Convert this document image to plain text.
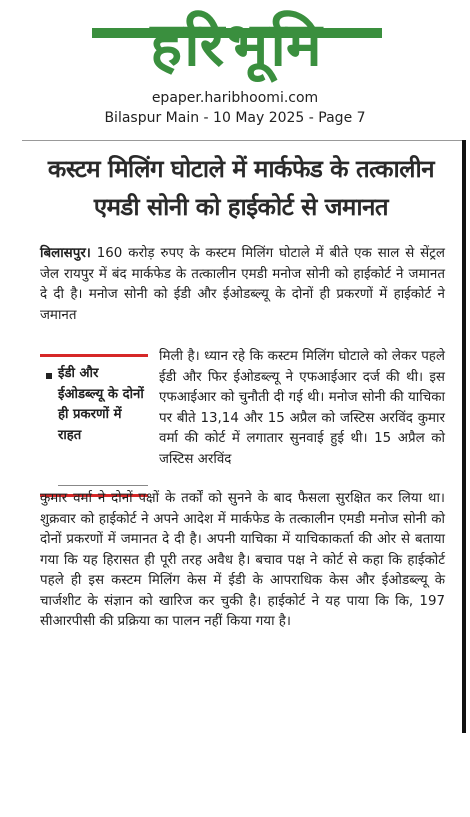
हरिभूमि
epaper.haribhoomi.com
Bilaspur Main - 10 May 2025 - Page 7
कस्टम मिलिंग घोटाले में मार्कफेड के तत्कालीन एमडी सोनी को हाईकोर्ट से जमानत
बिलासपुर। 160 करोड़ रुपए के कस्टम मिलिंग घोटाले में बीते एक साल से सेंट्रल जेल रायपुर में बंद मार्कफेड के तत्कालीन एमडी मनोज सोनी को हाईकोर्ट ने जमानत दे दी है। मनोज सोनी को ईडी और ईओडब्ल्यू के दोनों ही प्रकरणों में हाईकोर्ट ने जमानत
ईडी और ईओडब्ल्यू के दोनों ही प्रकरणों में राहत
मिली है। ध्यान रहे कि कस्टम मिलिंग घोटाले को लेकर पहले ईडी और फिर ईओडब्ल्यू ने एफआईआर दर्ज की थी। इस एफआईआर को चुनौती दी गई थी। मनोज सोनी की याचिका पर बीते 13,14 और 15 अप्रैल को जस्टिस अरविंद कुमार वर्मा की कोर्ट में लगातार सुनवाई हुई थी। 15 अप्रैल को जस्टिस अरविंद
कुमार वर्मा ने दोनों पक्षों के तर्कों को सुनने के बाद फैसला सुरक्षित कर लिया था। शुक्रवार को हाईकोर्ट ने अपने आदेश में मार्कफेड के तत्कालीन एमडी मनोज सोनी को दोनों प्रकरणों में जमानत दे दी है। अपनी याचिका में याचिकाकर्ता की ओर से बताया गया कि यह हिरासत ही पूरी तरह अवैध है। बचाव पक्ष ने कोर्ट से कहा कि हाईकोर्ट पहले ही इस कस्टम मिलिंग केस में ईडी के आपराधिक केस और ईओडब्ल्यू के चार्जशीट के संज्ञान को खारिज कर चुकी है। हाईकोर्ट ने यह पाया कि कि, 197 सीआरपीसी की प्रक्रिया का पालन नहीं किया गया है।
